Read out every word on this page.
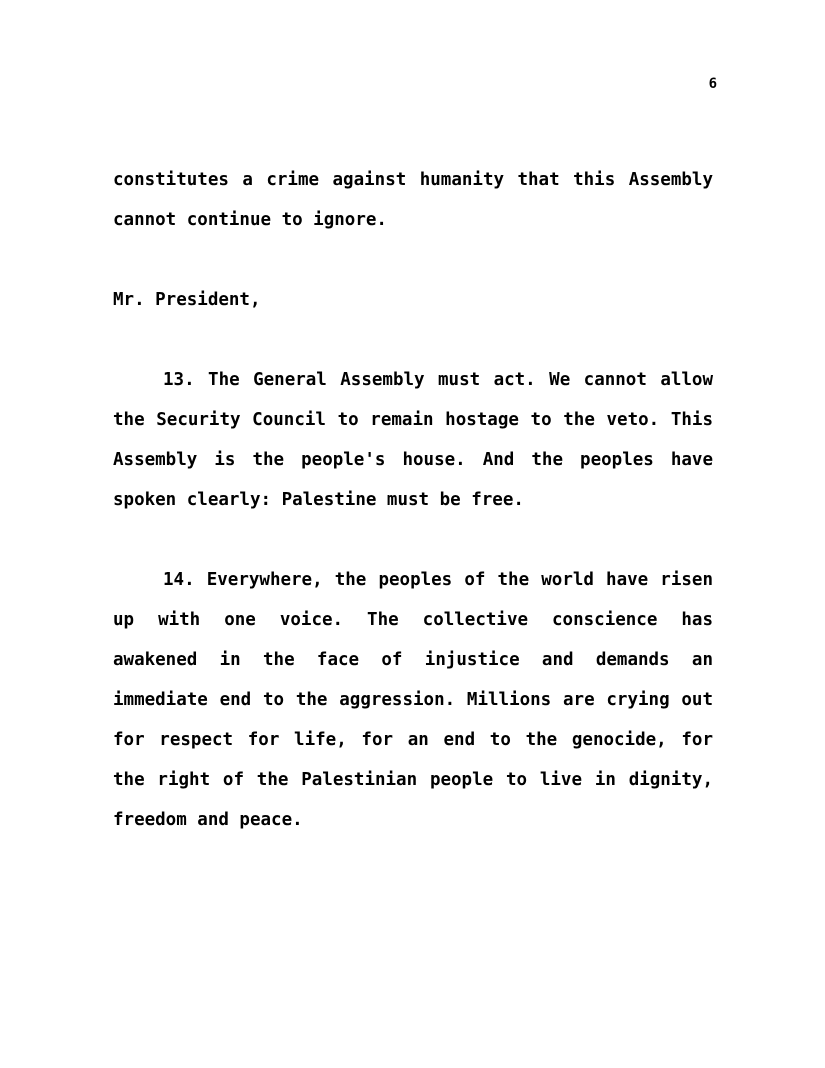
6

constitutes a crime against humanity that this Assembly cannot continue to ignore.

Mr. President,

13. The General Assembly must act. We cannot allow the Security Council to remain hostage to the veto. This Assembly is the people's house. And the peoples have spoken clearly: Palestine must be free.

14. Everywhere, the peoples of the world have risen up with one voice. The collective conscience has awakened in the face of injustice and demands an immediate end to the aggression. Millions are crying out for respect for life, for an end to the genocide, for the right of the Palestinian people to live in dignity, freedom and peace.
